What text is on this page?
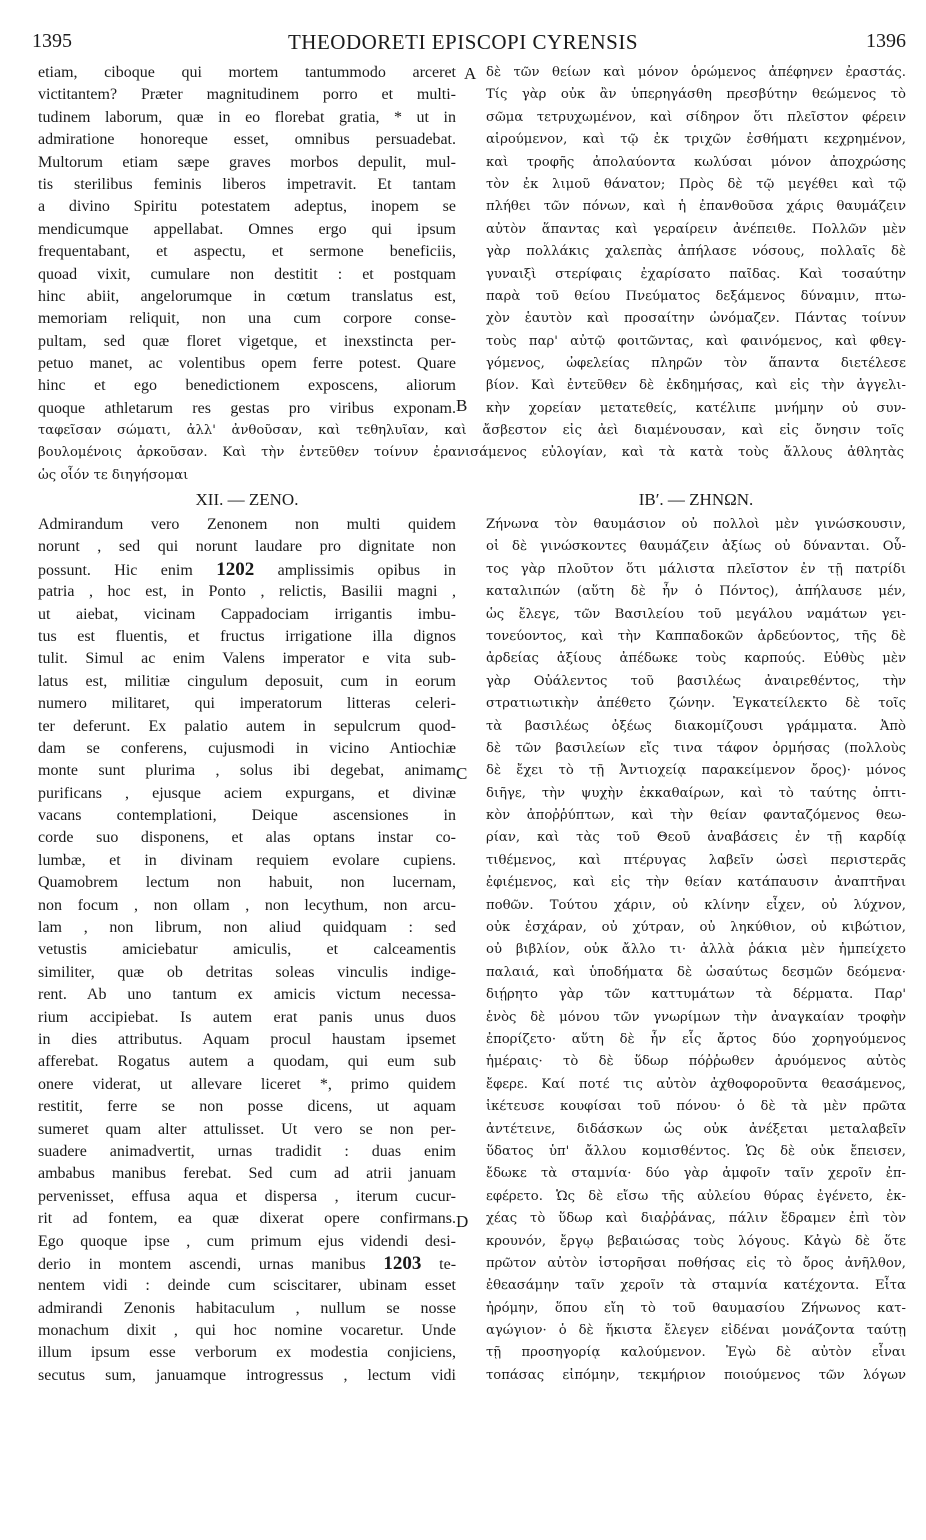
1395	THEODORETI EPISCOPI CYRENSIS	1396
etiam, ciboque qui mortem tantummodo arceret
victitantem? Præter magnitudinem porro et multi-
tudinem laborum, quæ in eo florebat gratia, * ut in
admiratione honoreque esset, omnibus persuadebat.
Multorum etiam sæpe graves morbos depulit, mul-
tis sterilibus feminis liberos impetravit. Et tantam
a divino Spiritu potestatem adeptus, inopem se
mendicumque appellabat. Omnes ergo qui ipsum
frequentabant, et aspectu, et sermone beneficiis,
quoad vixit, cumulare non destitit : et postquam
hinc abiit, angelorumque in cœtum translatus est,
memoriam reliquit, non una cum corpore conse-
pultam, sed quæ floret vigetque, et inexstincta per-
petuo manet, ac volentibus opem ferre potest. Quare
hinc et ego benedictionem exposcens, aliorum
quoque athletarum res gestas pro viribus exponam.
δὲ τῶν θείων καὶ μόνον ὁρώμενος ἀπέφηνεν ἐραστάς.
Τίς γὰρ οὐκ ἂν ὑπερηγάσθη πρεσβύτην θεώμενος τὸ
σῶμα τετρυχωμένον, καὶ σίδηρον ὅτι πλεῖστον φέρειν
αἱρούμενον, καὶ τῷ ἐκ τριχῶν ἐσθήματι κεχρημένον,
καὶ τροφῆς ἀπολαύοντα κωλύσαι μόνον ἀποχρώσης
τὸν ἐκ λιμοῦ θάνατον; Πρὸς δὲ τῷ μεγέθει καὶ τῷ
πλήθει τῶν πόνων, καὶ ἡ ἐπανθοῦσα χάρις θαυμάζειν
αὐτὸν ἅπαντας καὶ γεραίρειν ἀνέπειθε. Πολλῶν μὲν
γὰρ πολλάκις χαλεπὰς ἀπήλασε νόσους, πολλαῖς δὲ
γυναιξὶ στερίφαις ἐχαρίσατο παῖδας. Καὶ τοσαύτην
παρὰ τοῦ θείου Πνεύματος δεξάμενος δύναμιν, πτω-
χὸν ἑαυτὸν καὶ προσαίτην ὠνόμαζεν. Πάντας τοίνυν
τοὺς παρ' αὐτῷ φοιτῶντας, καὶ φαινόμενος, καὶ φθεγ-
γόμενος, ὠφελείας πληρῶν τὸν ἅπαντα διετέλεσε
βίον. Καὶ ἐντεῦθεν δὲ ἐκδημήσας, καὶ εἰς τὴν ἀγγελι-
κὴν χορείαν μετατεθείς, κατέλιπε μνήμην οὐ συν-
A
B
ταφεῖσαν σώματι, ἀλλ' ἀνθοῦσαν, καὶ τεθηλυῖαν, καὶ ἄσβεστον εἰς ἀεὶ διαμένουσαν, καὶ εἰς ὄνησιν τοῖς
βουλομένοις ἀρκοῦσαν. Καὶ τὴν ἐντεῦθεν τοίνυν ἐρανισάμενος εὐλογίαν, καὶ τὰ κατὰ τοὺς ἄλλους ἀθλητὰς
ὡς οἷόν τε διηγήσομαι
XII. — ZENO.	ΙΒʹ. — ΖΗΝΩΝ.
Admirandum vero Zenonem non multi quidem
norunt , sed qui norunt laudare pro dignitate non
possunt. Hic enim 1202 amplissimis opibus in
patria , hoc est, in Ponto , relictis, Basilii magni ,
ut aiebat, vicinam Cappadociam irrigantis imbu-
tus est fluentis, et fructus irrigatione illa dignos
tulit. Simul ac enim Valens imperator e vita sub-
latus est, militiæ cingulum deposuit, cum in eorum
numero militaret, qui imperatorum litteras celeri-
ter deferunt. Ex palatio autem in sepulcrum quod-
dam se conferens, cujusmodi in vicino Antiochiæ
monte sunt plurima , solus ibi degebat, animam
purificans , ejusque aciem expurgans, et divinæ
vacans contemplationi, Deique ascensiones in
corde suo disponens, et alas optans instar co-
lumbæ, et in divinam requiem evolare cupiens.
Quamobrem lectum non habuit, non lucernam,
non focum , non ollam , non lecythum, non arcu-
lam , non librum, non aliud quidquam : sed
vetustis amiciebatur amiculis, et calceamentis
similiter, quæ ob detritas soleas vinculis indige-
rent. Ab uno tantum ex amicis victum necessa-
rium accipiebat. Is autem erat panis unus duos
in dies attributus. Aquam procul haustam ipsemet
afferebat. Rogatus autem a quodam, qui eum sub
onere viderat, ut allevare liceret *, primo quidem
restitit, ferre se non posse dicens, ut aquam
sumeret quam alter attulisset. Ut vero se non per-
suadere animadvertit, urnas tradidit : duas enim
ambabus manibus ferebat. Sed cum ad atrii januam
pervenisset, effusa aqua et dispersa , iterum cucur-
rit ad fontem, ea quæ dixerat opere confirmans.
Ego quoque ipse , cum primum ejus videndi desi-
derio in montem ascendi, urnas manibus 1203 te-
nentem vidi : deinde cum sciscitarer, ubinam esset
admirandi Zenonis habitaculum , nullum se nosse
monachum dixit , qui hoc nomine vocaretur. Unde
illum ipsum esse verborum ex modestia conjiciens,
secutus sum, januamque introgressus , lectum vidi
Ζήνωνα τὸν θαυμάσιον οὐ πολλοὶ μὲν γινώσκουσιν,
οἱ δὲ γινώσκοντες θαυμάζειν ἀξίως οὐ δύνανται. Οὗ-
τος γὰρ πλοῦτον ὅτι μάλιστα πλεῖστον ἐν τῇ πατρίδι
καταλιπών (αὕτη δὲ ἦν ὁ Πόντος), ἀπήλαυσε μέν,
ὡς ἔλεγε, τῶν Βασιλείου τοῦ μεγάλου ναμάτων γει-
τονεύοντος, καὶ τὴν Καππαδοκῶν ἀρδεύοντος, τῆς δὲ
ἀρδείας ἀξίους ἀπέδωκε τοὺς καρπούς. Εὐθὺς μὲν
γὰρ Οὐάλεντος τοῦ βασιλέως ἀναιρεθέντος, τὴν
στρατιωτικὴν ἀπέθετο ζώνην. Ἐγκατείλεκτο δὲ τοῖς
τὰ βασιλέως ὀξέως διακομίζουσι γράμματα. Ἀπὸ
δὲ τῶν βασιλείων εἴς τινα τάφον ὁρμήσας (πολλοὺς
δὲ ἔχει τὸ τῇ Ἀντιοχείᾳ παρακείμενον ὄρος)· μόνος
διῆγε, τὴν ψυχὴν ἐκκαθαίρων, καὶ τὸ ταύτης ὀπτι-
κὸν ἀποῤῥύπτων, καὶ τὴν θείαν φανταζόμενος θεω-
ρίαν, καὶ τὰς τοῦ Θεοῦ ἀναβάσεις ἐν τῇ καρδίᾳ
τιθέμενος, καὶ πτέρυγας λαβεῖν ὡσεὶ περιστερᾶς
ἐφιέμενος, καὶ εἰς τὴν θείαν κατάπαυσιν ἀναπτῆναι
ποθῶν. Τούτου χάριν, οὐ κλίνην εἶχεν, οὐ λύχνον,
οὐκ ἐσχάραν, οὐ χύτραν, οὐ ληκύθιον, οὐ κιβώτιον,
οὐ βιβλίον, οὐκ ἄλλο τι· ἀλλὰ ῥάκια μὲν ἠμπείχετο
παλαιά, καὶ ὑποδήματα δὲ ὡσαύτως δεσμῶν δεόμενα·
διῄρητο γὰρ τῶν καττυμάτων τὰ δέρματα. Παρ'
ἑνὸς δὲ μόνου τῶν γνωρίμων τὴν ἀναγκαίαν τροφὴν
ἐπορίζετο· αὕτη δὲ ἦν εἷς ἄρτος δύο χορηγούμενος
ἡμέραις· τὸ δὲ ὕδωρ πόῤῥωθεν ἀρυόμενος αὐτὸς
ἔφερε. Καί ποτέ τις αὐτὸν ἀχθοφοροῦντα θεασάμενος,
ἱκέτευσε κουφίσαι τοῦ πόνου· ὁ δὲ τὰ μὲν πρῶτα
ἀντέτεινε, διδάσκων ὡς οὐκ ἀνέξεται μεταλαβεῖν
ὕδατος ὑπ' ἄλλου κομισθέντος. Ὡς δὲ οὐκ ἔπεισεν,
ἔδωκε τὰ σταμνία· δύο γὰρ ἀμφοῖν ταῖν χεροῖν ἐπ-
εφέρετο. Ὡς δὲ εἴσω τῆς αὐλείου θύρας ἐγένετο, ἐκ-
χέας τὸ ὕδωρ καὶ διαῤῥάνας, πάλιν ἔδραμεν ἐπὶ τὸν
κρουνόν, ἔργῳ βεβαιώσας τοὺς λόγους. Κἀγὼ δὲ ὅτε
πρῶτον αὐτὸν ἱστορῆσαι ποθήσας εἰς τὸ ὄρος ἀνῆλθον,
ἐθεασάμην ταῖν χεροῖν τὰ σταμνία κατέχοντα. Εἶτα
ἠρόμην, ὅπου εἴη τὸ τοῦ θαυμασίου Ζήνωνος κατ-
αγώγιον· ὁ δὲ ἥκιστα ἔλεγεν εἰδέναι μονάζοντα ταύτῃ
τῇ προσηγορίᾳ καλούμενον. Ἐγὼ δὲ αὐτὸν εἶναι
τοπάσας εἰπόμην, τεκμήριον ποιούμενος τῶν λόγων
C
D
